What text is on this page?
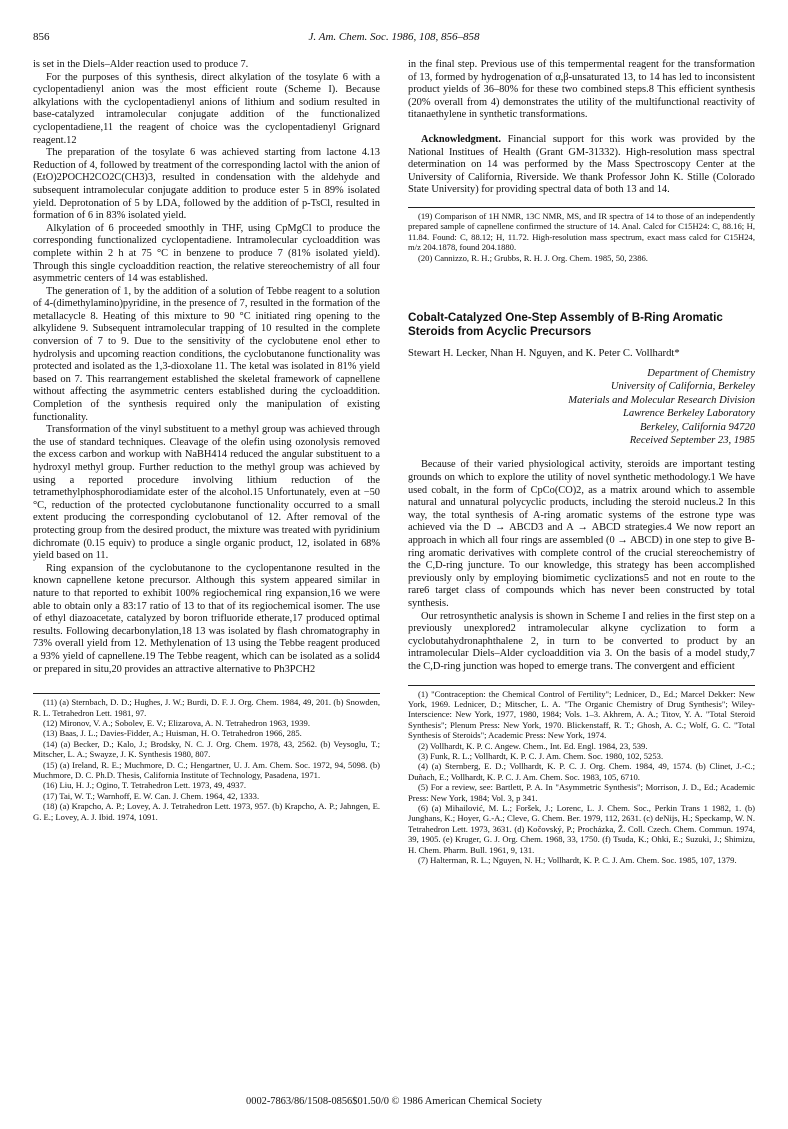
856	J. Am. Chem. Soc. 1986, 108, 856–858

is set in the Diels–Alder reaction used to produce 7.

For the purposes of this synthesis, direct alkylation of the tosylate 6 with a cyclopentadienyl anion was the most efficient route (Scheme I). Because alkylations with the cyclopentadienyl anions of lithium and sodium resulted in base-catalyzed intramolecular conjugate addition of the functionalized cyclopentadiene,11 the reagent of choice was the cyclopentadienyl Grignard reagent.12

The preparation of the tosylate 6 was achieved starting from lactone 4.13 Reduction of 4, followed by treatment of the corresponding lactol with the anion of (EtO)2POCH2CO2C(CH3)3, resulted in condensation with the aldehyde and subsequent intramolecular conjugate addition to produce ester 5 in 89% isolated yield. Deprotonation of 5 by LDA, followed by the addition of p-TsCl, resulted in formation of 6 in 83% isolated yield.

Alkylation of 6 proceeded smoothly in THF, using CpMgCl to produce the corresponding functionalized cyclopentadiene. Intramolecular cycloaddition was complete within 2 h at 75 °C in benzene to produce 7 (81% isolated yield). Through this single cycloaddition reaction, the relative stereochemistry of all four asymmetric centers of 14 was established.

The generation of 1, by the addition of a solution of Tebbe reagent to a solution of 4-(dimethylamino)pyridine, in the presence of 7, resulted in the formation of the metallacycle 8. Heating of this mixture to 90 °C initiated ring opening to the alkylidene 9. Subsequent intramolecular trapping of 10 resulted in the complete conversion of 7 to 9. Due to the sensitivity of the cyclobutene enol ether to hydrolysis and upcoming reaction conditions, the cyclobutanone functionality was protected and isolated as the 1,3-dioxolane 11. The ketal was isolated in 81% yield based on 7. This rearrangement established the skeletal framework of capnellene without affecting the asymmetric centers established during the cycloaddition. Completion of the synthesis required only the manipulation of existing functionality.

Transformation of the vinyl substituent to a methyl group was achieved through the use of standard techniques. Cleavage of the olefin using ozonolysis removed the excess carbon and workup with NaBH414 reduced the angular substituent to a hydroxyl methyl group. Further reduction to the methyl group was achieved by using a reported procedure involving lithium reduction of the tetramethylphosphorodiamidate ester of the alcohol.15 Unfortunately, even at −50 °C, reduction of the protected cyclobutanone functionality occurred to a small extent producing the corresponding cyclobutanol of 12. After removal of the protecting group from the desired product, the mixture was treated with pyridinium dichromate (0.15 equiv) to produce a single organic product, 12, isolated in 68% yield based on 11.

Ring expansion of the cyclobutanone to the cyclopentanone resulted in the known capnellene ketone precursor. Although this system appeared similar in nature to that reported to exhibit 100% regiochemical ring expansion,16 we were able to obtain only a 83:17 ratio of 13 to that of its regiochemical isomer. The use of ethyl diazoacetate, catalyzed by boron trifluoride etherate,17 produced optimal results. Following decarbonylation,18 13 was isolated by flash chromatography in 73% overall yield from 12. Methylenation of 13 using the Tebbe reagent produced a 93% yield of capnellene.19 The Tebbe reagent, which can be isolated as a solid4 or prepared in situ,20 provides an attractive alternative to Ph3PCH2

(11) (a) Sternbach, D. D.; Hughes, J. W.; Burdi, D. F. J. Org. Chem. 1984, 49, 201. (b) Snowden, R. L. Tetrahedron Lett. 1981, 97.

(12) Mironov, V. A.; Sobolev, E. V.; Elizarova, A. N. Tetrahedron 1963, 1939.

(13) Baas, J. L.; Davies-Fidder, A.; Huisman, H. O. Tetrahedron 1966, 285.

(14) (a) Becker, D.; Kalo, J.; Brodsky, N. C. J. Org. Chem. 1978, 43, 2562. (b) Veysoglu, T.; Mitscher, L. A.; Swayze, J. K. Synthesis 1980, 807.

(15) (a) Ireland, R. E.; Muchmore, D. C.; Hengartner, U. J. Am. Chem. Soc. 1972, 94, 5098. (b) Muchmore, D. C. Ph.D. Thesis, California Institute of Technology, Pasadena, 1971.

(16) Liu, H. J.; Ogino, T. Tetrahedron Lett. 1973, 49, 4937.

(17) Tai, W. T.; Warnhoff, E. W. Can. J. Chem. 1964, 42, 1333.

(18) (a) Krapcho, A. P.; Lovey, A. J. Tetrahedron Lett. 1973, 957. (b) Krapcho, A. P.; Jahngen, E. G. E.; Lovey, A. J. Ibid. 1974, 1091.

in the final step. Previous use of this tempermental reagent for the transformation of 13, formed by hydrogenation of α,β-unsaturated 13, to 14 has led to inconsistent product yields of 36–80% for these two combined steps.8 This efficient synthesis (20% overall from 4) demonstrates the utility of the multifunctional reactivity of titanaethylene in synthetic transformations.

Acknowledgment. Financial support for this work was provided by the National Institues of Health (Grant GM-31332). High-resolution mass spectral determination on 14 was performed by the Mass Spectroscopy Center at the University of California, Riverside. We thank Professor John K. Stille (Colorado State University) for providing spectral data of both 13 and 14.

(19) Comparison of 1H NMR, 13C NMR, MS, and IR spectra of 14 to those of an independently prepared sample of capnellene confirmed the structure of 14. Anal. Calcd for C15H24: C, 88.16; H, 11.84. Found: C, 88.12; H, 11.72. High-resolution mass spectrum, exact mass calcd for C15H24, m/z 204.1878, found 204.1880.

(20) Cannizzo, R. H.; Grubbs, R. H. J. Org. Chem. 1985, 50, 2386.

Cobalt-Catalyzed One-Step Assembly of B-Ring Aromatic Steroids from Acyclic Precursors
Stewart H. Lecker, Nhan H. Nguyen, and K. Peter C. Vollhardt*
Department of Chemistry
University of California, Berkeley
Materials and Molecular Research Division
Lawrence Berkeley Laboratory
Berkeley, California 94720
Received September 23, 1985

Because of their varied physiological activity, steroids are important testing grounds on which to explore the utility of novel synthetic methodology.1 We have used cobalt, in the form of CpCo(CO)2, as a matrix around which to assemble natural and unnatural polycyclic products, including the steroid nucleus.2 In this way, the total synthesis of A-ring aromatic systems of the estrone type was achieved via the D → ABCD3 and A → ABCD strategies.4 We now report an approach in which all four rings are assembled (0 → ABCD) in one step to give B-ring aromatic derivatives with complete control of the crucial stereochemistry of the C,D-ring juncture. To our knowledge, this strategy has been accomplished previously only by employing biomimetic cyclizations5 and not en route to the rare6 target class of compounds which has never been constructed by total synthesis.

Our retrosynthetic analysis is shown in Scheme I and relies in the first step on a previously unexplored2 intramolecular alkyne cyclization to form a cyclobutahydronaphthalene 2, in turn to be converted to product by an intramolecular Diels–Alder cycloaddition via 3. On the basis of a model study,7 the C,D-ring junction was hoped to emerge trans. The convergent and efficient

(1) "Contraception: the Chemical Control of Fertility"; Lednicer, D., Ed.; Marcel Dekker: New York, 1969. Lednicer, D.; Mitscher, L. A. "The Organic Chemistry of Drug Synthesis"; Wiley-Interscience: New York, 1977, 1980, 1984; Vols. 1–3. Akhrem, A. A.; Titov, Y. A. "Total Steroid Synthesis"; Plenum Press: New York, 1970. Blickenstaff, R. T.; Ghosh, A. C.; Wolf, G. C. "Total Synthesis of Steroids"; Academic Press: New York, 1974.

(2) Vollhardt, K. P. C. Angew. Chem., Int. Ed. Engl. 1984, 23, 539.

(3) Funk, R. L.; Vollhardt, K. P. C. J. Am. Chem. Soc. 1980, 102, 5253.

(4) (a) Sternberg, E. D.; Vollhardt, K. P. C. J. Org. Chem. 1984, 49, 1574. (b) Clinet, J.-C.; Duñach, E.; Vollhardt, K. P. C. J. Am. Chem. Soc. 1983, 105, 6710.

(5) For a review, see: Bartlett, P. A. In "Asymmetric Synthesis"; Morrison, J. D., Ed.; Academic Press: New York, 1984; Vol. 3, p 341.

(6) (a) Mihailović, M. L.; Foršek, J.; Lorenc, L. J. Chem. Soc., Perkin Trans 1 1982, 1. (b) Junghans, K.; Hoyer, G.-A.; Cleve, G. Chem. Ber. 1979, 112, 2631. (c) deNijs, H.; Speckamp, W. N. Tetrahedron Lett. 1973, 3631. (d) Kočovský, P.; Procházka, Ž. Coll. Czech. Chem. Commun. 1974, 39, 1905. (e) Kruger, G. J. Org. Chem. 1968, 33, 1750. (f) Tsuda, K.; Ohki, E.; Suzuki, J.; Shimizu, H. Chem. Pharm. Bull. 1961, 9, 131.

(7) Halterman, R. L.; Nguyen, N. H.; Vollhardt, K. P. C. J. Am. Chem. Soc. 1985, 107, 1379.

0002-7863/86/1508-0856$01.50/0 © 1986 American Chemical Society
